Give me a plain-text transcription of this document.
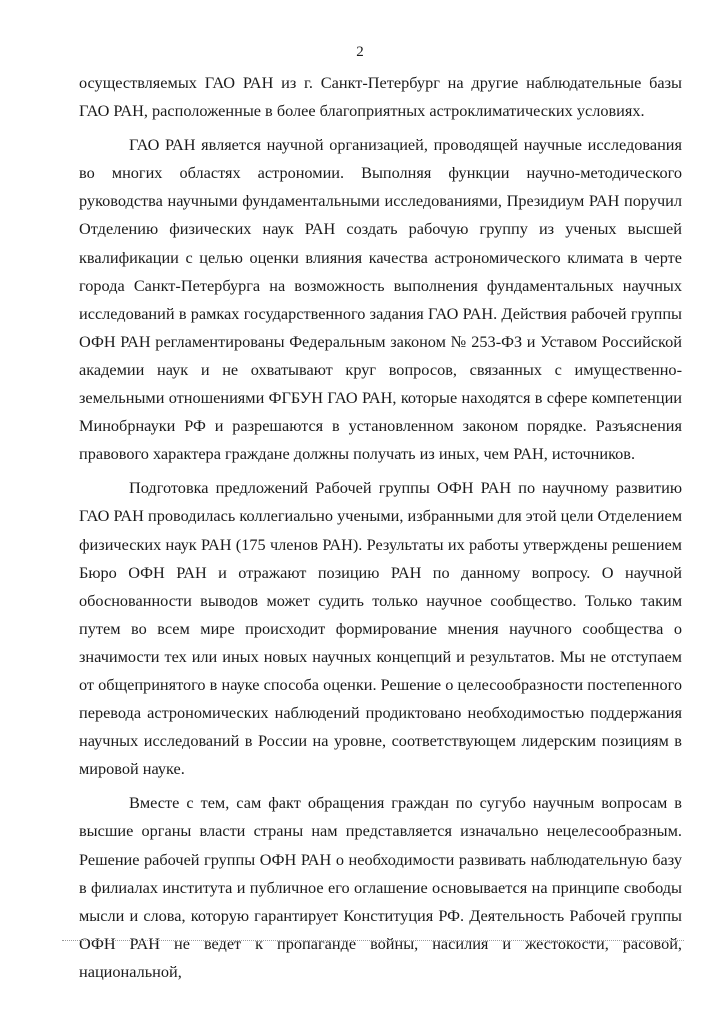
2

осуществляемых ГАО РАН из г. Санкт-Петербург на другие наблюдательные базы ГАО РАН, расположенные в более благоприятных астроклиматических условиях.

ГАО РАН является научной организацией, проводящей научные исследования во многих областях астрономии. Выполняя функции научно-методического руководства научными фундаментальными исследованиями, Президиум РАН поручил Отделению физических наук РАН создать рабочую группу из ученых высшей квалификации с целью оценки влияния качества астрономического климата в черте города Санкт-Петербурга на возможность выполнения фундаментальных научных исследований в рамках государственного задания ГАО РАН. Действия рабочей группы ОФН РАН регламентированы Федеральным законом № 253-ФЗ и Уставом Российской академии наук и не охватывают круг вопросов, связанных с имущественно-земельными отношениями ФГБУН ГАО РАН, которые находятся в сфере компетенции Минобрнауки РФ и разрешаются в установленном законом порядке. Разъяснения правового характера граждане должны получать из иных, чем РАН, источников.

Подготовка предложений Рабочей группы ОФН РАН по научному развитию ГАО РАН проводилась коллегиально учеными, избранными для этой цели Отделением физических наук РАН (175 членов РАН). Результаты их работы утверждены решением Бюро ОФН РАН и отражают позицию РАН по данному вопросу. О научной обоснованности выводов может судить только научное сообщество. Только таким путем во всем мире происходит формирование мнения научного сообщества о значимости тех или иных новых научных концепций и результатов. Мы не отступаем от общепринятого в науке способа оценки. Решение о целесообразности постепенного перевода астрономических наблюдений продиктовано необходимостью поддержания научных исследований в России на уровне, соответствующем лидерским позициям в мировой науке.

Вместе с тем, сам факт обращения граждан по сугубо научным вопросам в высшие органы власти страны нам представляется изначально нецелесообразным. Решение рабочей группы ОФН РАН о необходимости развивать наблюдательную базу в филиалах института и публичное его оглашение основывается на принципе свободы мысли и слова, которую гарантирует Конституция РФ. Деятельность Рабочей группы ОФН РАН не ведет к пропаганде войны, насилия и жестокости, расовой, национальной,
